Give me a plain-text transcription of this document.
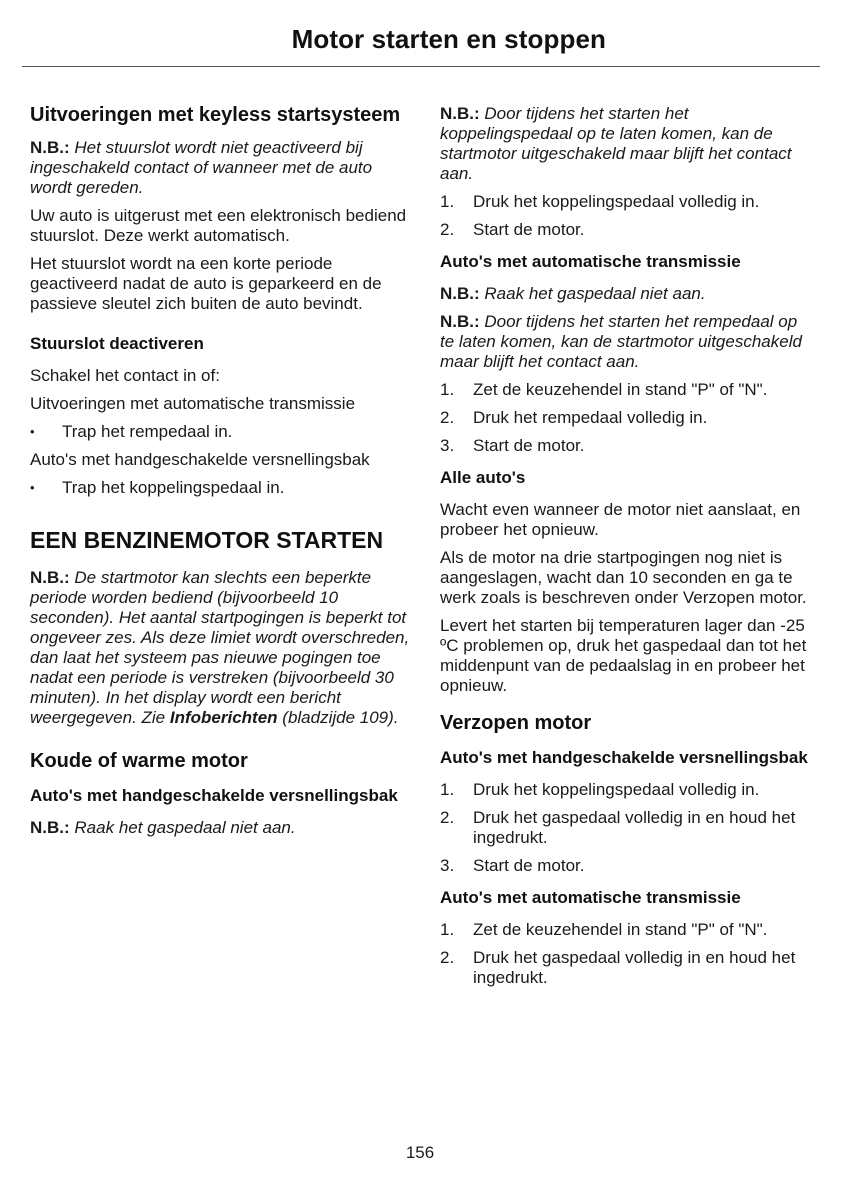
Motor starten en stoppen
Uitvoeringen met keyless startsysteem

N.B.: Het stuurslot wordt niet geactiveerd bij ingeschakeld contact of wanneer met de auto wordt gereden.

Uw auto is uitgerust met een elektronisch bediend stuurslot. Deze werkt automatisch.

Het stuurslot wordt na een korte periode geactiveerd nadat de auto is geparkeerd en de passieve sleutel zich buiten de auto bevindt.

Stuurslot deactiveren

Schakel het contact in of:

Uitvoeringen met automatische transmissie

• Trap het rempedaal in.

Auto's met handgeschakelde versnellingsbak

• Trap het koppelingspedaal in.
EEN BENZINEMOTOR STARTEN

N.B.: De startmotor kan slechts een beperkte periode worden bediend (bijvoorbeeld 10 seconden). Het aantal startpogingen is beperkt tot ongeveer zes. Als deze limiet wordt overschreden, dan laat het systeem pas nieuwe pogingen toe nadat een periode is verstreken (bijvoorbeeld 30 minuten). In het display wordt een bericht weergegeven. Zie Infoberichten (bladzijde 109).

Koude of warme motor
Auto's met handgeschakelde versnellingsbak

N.B.: Raak het gaspedaal niet aan.

N.B.: Door tijdens het starten het koppelingspedaal op te laten komen, kan de startmotor uitgeschakeld maar blijft het contact aan.

1. Druk het koppelingspedaal volledig in.
2. Start de motor.
Auto's met automatische transmissie

N.B.: Raak het gaspedaal niet aan.

N.B.: Door tijdens het starten het rempedaal op te laten komen, kan de startmotor uitgeschakeld maar blijft het contact aan.

1. Zet de keuzehendel in stand "P" of "N".
2. Druk het rempedaal volledig in.
3. Start de motor.
Alle auto's

Wacht even wanneer de motor niet aanslaat, en probeer het opnieuw.

Als de motor na drie startpogingen nog niet is aangeslagen, wacht dan 10 seconden en ga te werk zoals is beschreven onder Verzopen motor.

Levert het starten bij temperaturen lager dan -25 ºC problemen op, druk het gaspedaal dan tot het middenpunt van de pedaalslag in en probeer het opnieuw.

Verzopen motor
Auto's met handgeschakelde versnellingsbak
1. Druk het koppelingspedaal volledig in.
2. Druk het gaspedaal volledig in en houd het ingedrukt.
3. Start de motor.
Auto's met automatische transmissie
1. Zet de keuzehendel in stand "P" of "N".
2. Druk het gaspedaal volledig in en houd het ingedrukt.
156
